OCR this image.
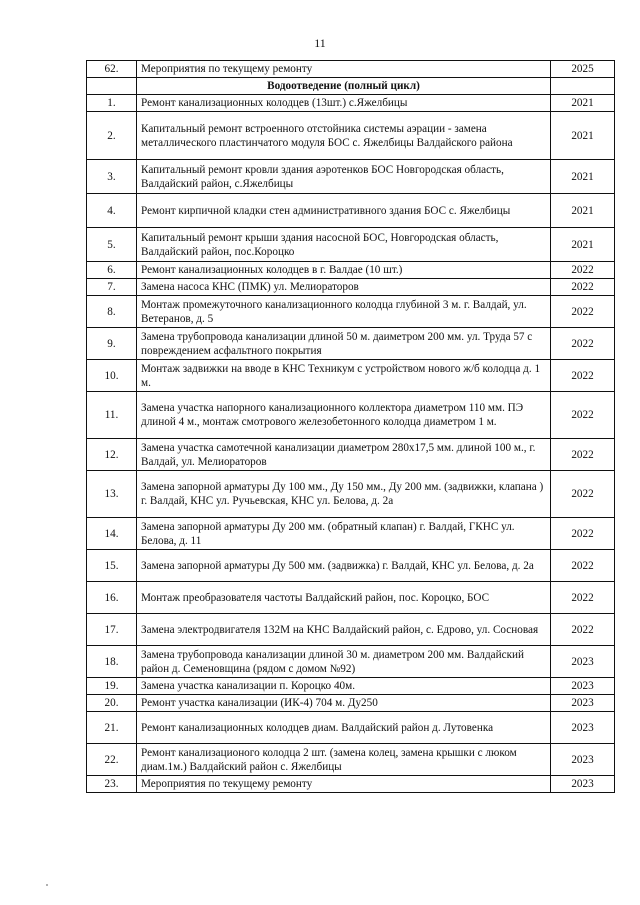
11
62.	Мероприятия по текущему ремонту	2025
	Водоотведение (полный цикл)	
1.	Ремонт канализационных колодцев (13шт.) с.Яжелбицы	2021
2.	Капитальный ремонт встроенного отстойника системы аэрации - замена металлического пластинчатого модуля БОС с. Яжелбицы Валдайского района	2021
3.	Капитальный ремонт кровли здания аэротенков БОС Новгородская область, Валдайский район, с.Яжелбицы	2021
4.	Ремонт кирпичной кладки стен административного здания БОС с. Яжелбицы	2021
5.	Капитальный ремонт крыши здания насосной БОС, Новгородская область, Валдайский район, пос.Короцко	2021
6.	Ремонт канализационных колодцев в г. Валдае (10 шт.)	2022
7.	Замена насоса КНС (ПМК) ул. Мелиораторов	2022
8.	Монтаж промежуточного канализационного колодца глубиной 3 м. г. Валдай, ул. Ветеранов, д. 5	2022
9.	Замена трубопровода канализации длиной 50 м. даиметром 200 мм. ул. Труда 57 с повреждением асфальтного покрытия	2022
10.	Монтаж задвижки на вводе в КНС Техникум с устройством нового ж/б колодца д. 1 м.	2022
11.	Замена участка напорного канализационного коллектора диаметром 110 мм. ПЭ длиной 4 м., монтаж смотрового железобетонного колодца диаметром 1 м.	2022
12.	Замена участка самотечной канализации диаметром 280х17,5 мм. длиной 100 м., г. Валдай, ул. Мелиораторов	2022
13.	Замена запорной арматуры Ду 100 мм., Ду 150 мм., Ду 200 мм. (задвижки, клапана ) г. Валдай, КНС ул. Ручьевская, КНС ул. Белова, д. 2а	2022
14.	Замена запорной арматуры Ду 200 мм. (обратный клапан) г. Валдай, ГКНС ул. Белова, д. 11	2022
15.	Замена запорной арматуры Ду 500 мм. (задвижка) г. Валдай, КНС ул. Белова, д. 2а	2022
16.	Монтаж преобразователя частоты Валдайский район, пос. Короцко, БОС	2022
17.	Замена электродвигателя 132М на КНС Валдайский район, с. Едрово, ул. Сосновая	2022
18.	Замена трубопровода канализации длиной 30 м. диаметром 200 мм. Валдайский район д. Семеновщина (рядом с домом №92)	2023
19.	Замена участка канализации п. Короцко 40м.	2023
20.	Ремонт участка канализации (ИК-4) 704 м. Ду250	2023
21.	Ремонт канализационных колодцев диам. Валдайский район д. Лутовенка	2023
22.	Ремонт канализационого колодца 2 шт. (замена колец, замена крышки с люком диам.1м.) Валдайский район с. Яжелбицы	2023
23.	Мероприятия по текущему ремонту	2023
